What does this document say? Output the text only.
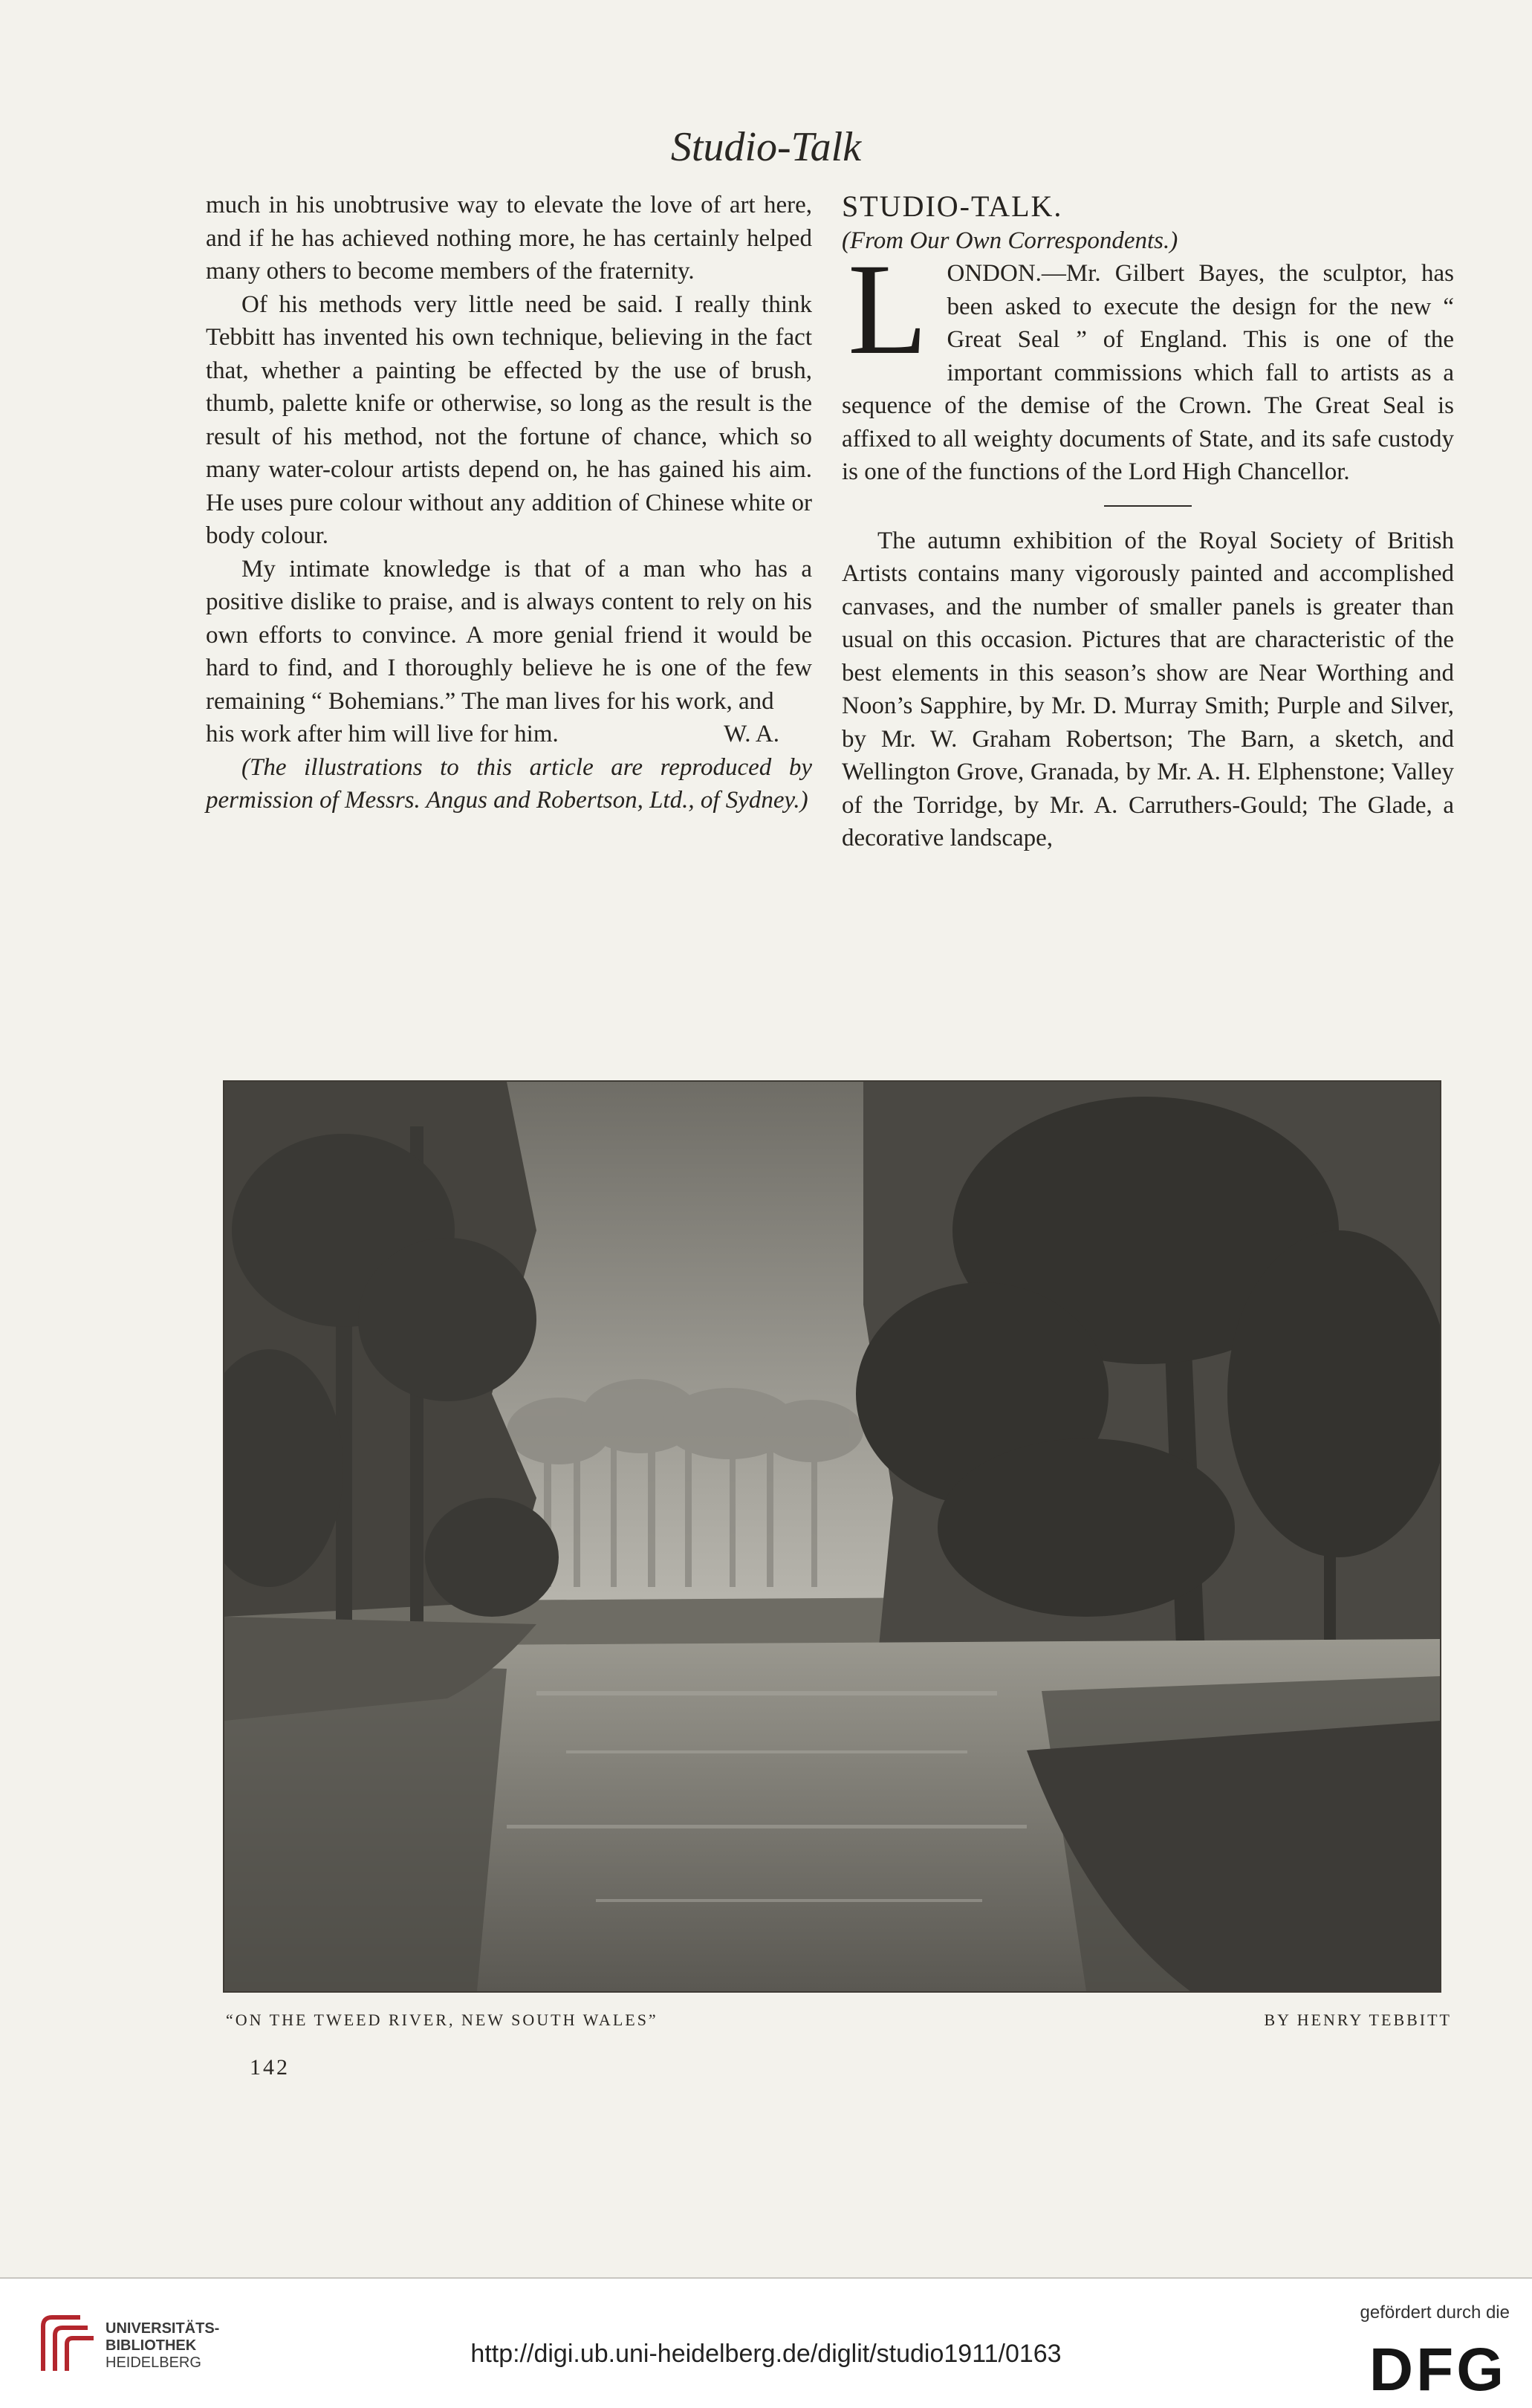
Studio-Talk

much in his unobtrusive way to elevate the love of art here, and if he has achieved nothing more, he has certainly helped many others to become members of the fraternity.

Of his methods very little need be said. I really think Tebbitt has invented his own technique, believing in the fact that, whether a painting be effected by the use of brush, thumb, palette knife or otherwise, so long as the result is the result of his method, not the fortune of chance, which so many water-colour artists depend on, he has gained his aim. He uses pure colour without any addition of Chinese white or body colour.

My intimate knowledge is that of a man who has a positive dislike to praise, and is always content to rely on his own efforts to convince. A more genial friend it would be hard to find, and I thoroughly believe he is one of the few remaining “ Bohemians.” The man lives for his work, and

his work after him will live for him.	W. A.

(The illustrations to this article are reproduced by permission of Messrs. Angus and Robertson, Ltd., of Sydney.)

STUDIO-TALK.

(From Our Own Correspondents.)

L ONDON.—Mr. Gilbert Bayes, the sculptor, has been asked to execute the design for the new “ Great Seal ” of England. This is one of the important commissions which fall to artists as a sequence of the demise of the Crown. The Great Seal is affixed to all weighty documents of State, and its safe custody is one of the functions of the Lord High Chancellor.

The autumn exhibition of the Royal Society of British Artists contains many vigorously painted and accomplished canvases, and the number of smaller panels is greater than usual on this occasion. Pictures that are characteristic of the best elements in this season’s show are Near Worthing and Noon’s Sapphire, by Mr. D. Murray Smith; Purple and Silver, by Mr. W. Graham Robertson; The Barn, a sketch, and Wellington Grove, Granada, by Mr. A. H. Elphenstone; Valley of the Torridge, by Mr. A. Carruthers-Gould; The Glade, a decorative landscape,

“ON THE TWEED RIVER, NEW SOUTH WALES”	BY HENRY TEBBITT
142
UNIVERSITÄTS-
BIBLIOTHEK
HEIDELBERG	http://digi.ub.uni-heidelberg.de/diglit/studio1911/0163
gefördert durch die
DFG
